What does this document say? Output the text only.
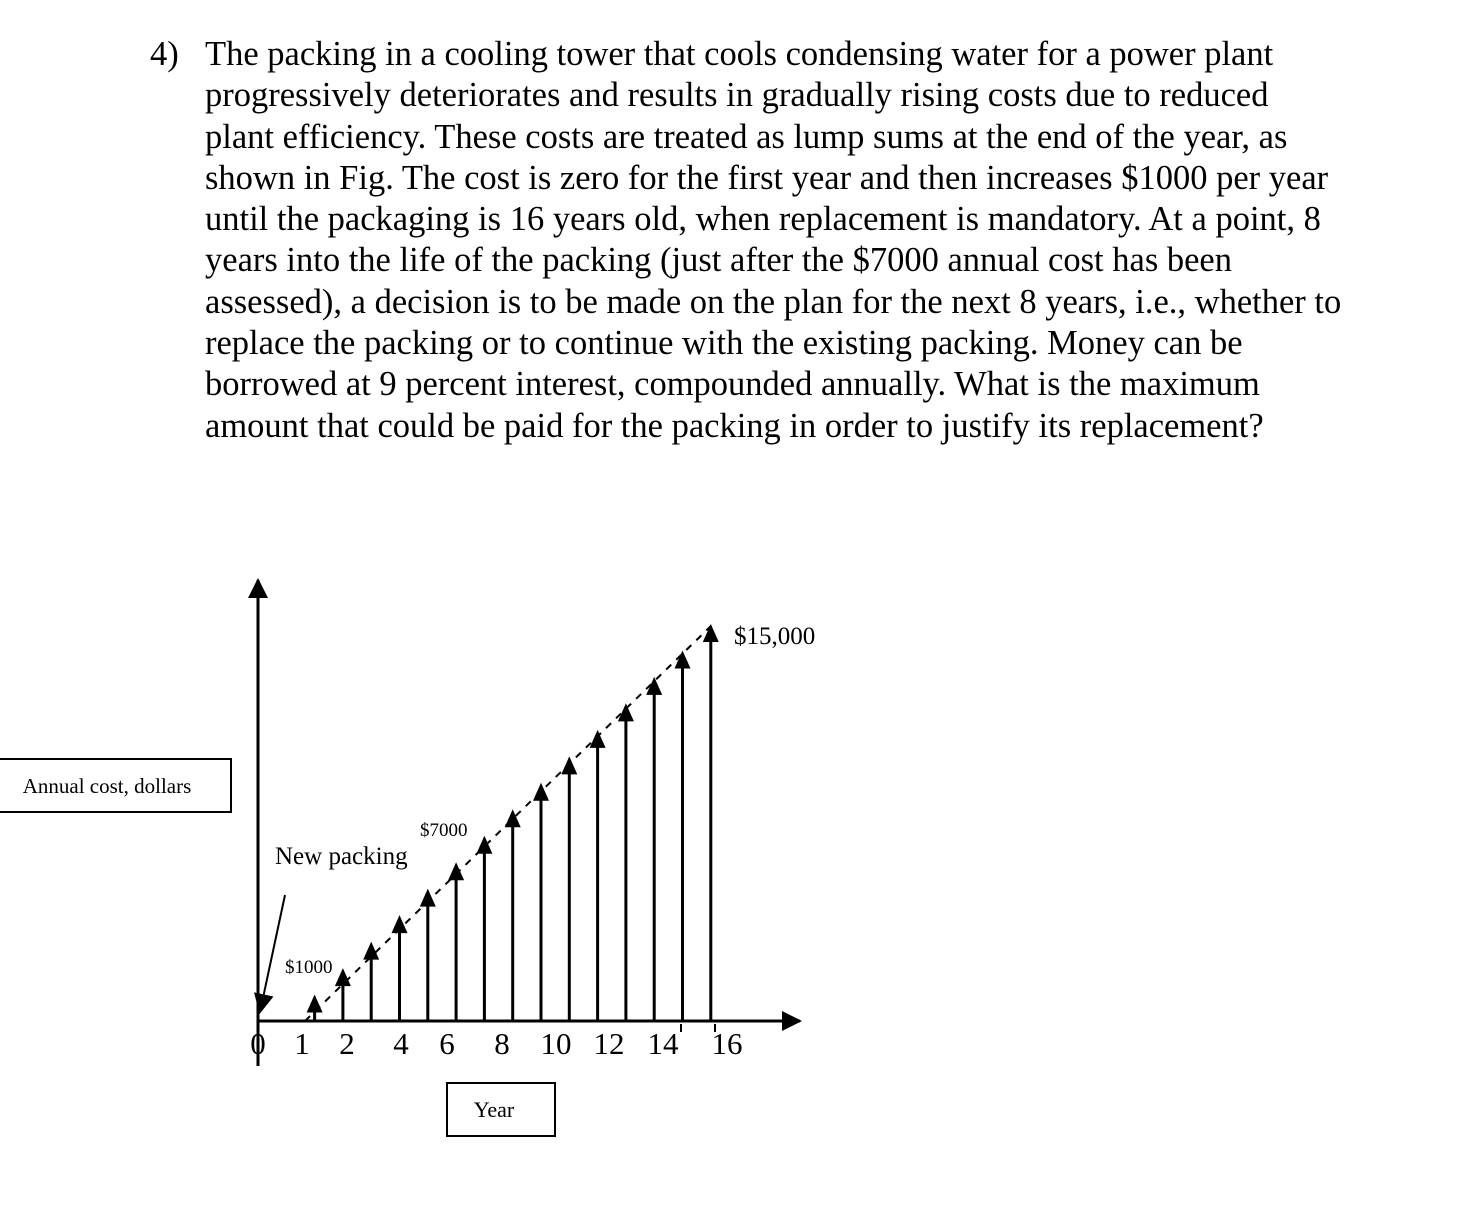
4) The packing in a cooling tower that cools condensing water for a power plant
progressively deteriorates and results in gradually rising costs due to reduced
plant efficiency. These costs are treated as lump sums at the end of the year, as
shown in Fig. The cost is zero for the first year and then increases $1000 per year
until the packaging is 16 years old, when replacement is mandatory. At a point, 8
years into the life of the packing (just after the $7000 annual cost has been
assessed), a decision is to be made on the plan for the next 8 years, i.e., whether to
replace the packing or to continue with the existing packing. Money can be
borrowed at 9 percent interest, compounded annually. What is the maximum
amount that could be paid for the packing in order to justify its replacement?
Annual cost, dollars
0 1 2 4 6 8 10 12 14 16
New packing
$1000
$7000
$15,000
Year
